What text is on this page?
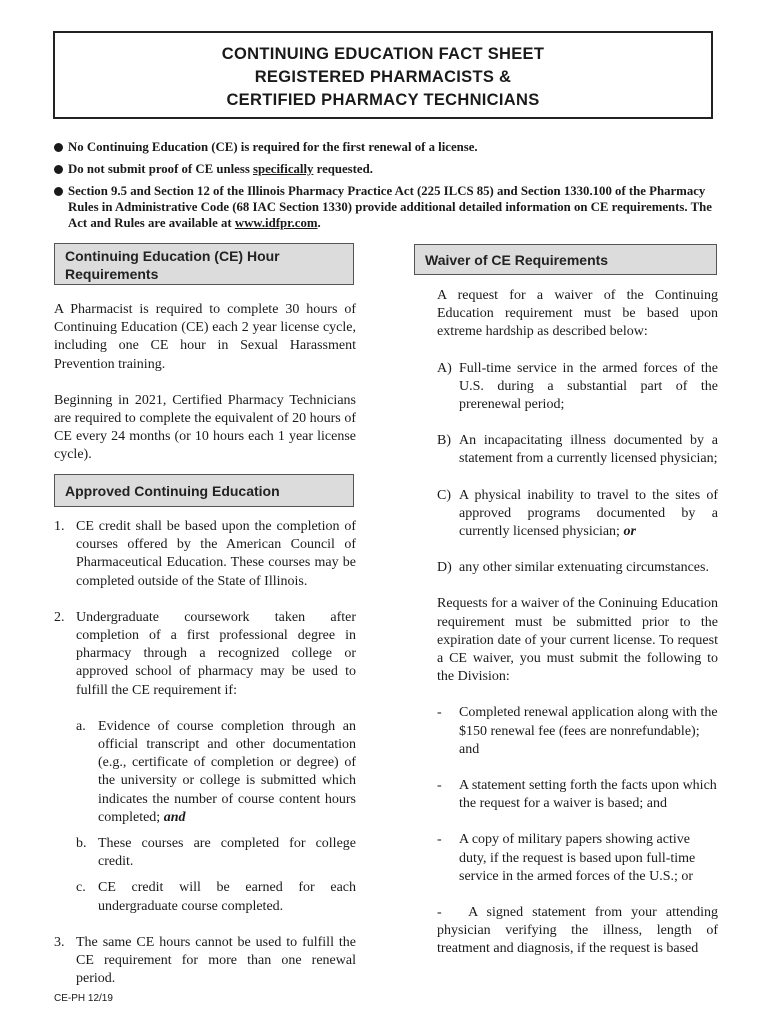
CONTINUING EDUCATION FACT SHEET
REGISTERED PHARMACISTS &
CERTIFIED PHARMACY TECHNICIANS
No Continuing Education (CE) is required for the first renewal of a license.
Do not submit proof of CE unless specifically requested.
Section 9.5 and Section 12 of the Illinois Pharmacy Practice Act (225 ILCS 85) and Section 1330.100 of the Pharmacy Rules in Administrative Code (68 IAC Section 1330) provide additional detailed information on CE requirements. The Act and Rules are available at www.idfpr.com.
Continuing Education (CE) Hour Requirements

A Pharmacist is required to complete 30 hours of Continuing Education (CE) each 2 year license cycle, including one CE hour in Sexual Harassment Prevention training.

Beginning in 2021, Certified Pharmacy Technicians are required to complete the equivalent of 20 hours of CE every 24 months (or 10 hours each 1 year license cycle).

Approved Continuing Education
1. CE credit shall be based upon the completion of courses offered by the American Council of Pharmaceutical Education. These courses may be completed outside of the State of Illinois.
2. Undergraduate coursework taken after completion of a first professional degree in pharmacy through a recognized college or approved school of pharmacy may be used to fulfill the CE requirement if:
a. Evidence of course completion through an official transcript and other documentation (e.g., certificate of completion or degree) of the university or college is submitted which indicates the number of course content hours completed; and
b. These courses are completed for college credit.
c. CE credit will be earned for each undergraduate course completed.
3. The same CE hours cannot be used to fulfill the CE requirement for more than one renewal period.
Waiver of CE Requirements

A request for a waiver of the Continuing Education requirement must be based upon extreme hardship as described below:

A) Full-time service in the armed forces of the U.S. during a substantial part of the prerenewal period;
B) An incapacitating illness documented by a statement from a currently licensed physician;
C) A physical inability to travel to the sites of approved programs documented by a currently licensed physician; or
D) any other similar extenuating circumstances.

Requests for a waiver of the Coninuing Education requirement must be submitted prior to the expiration date of your current license. To request a CE waiver, you must submit the following to the Division:

- Completed renewal application along with the $150 renewal fee (fees are nonrefundable); and
- A statement setting forth the facts upon which the request for a waiver is based; and
- A copy of military papers showing active duty, if the request is based upon full-time service in the armed forces of the U.S.; or

-   A signed statement from your attending physician verifying the illness, length of treatment and diagnosis, if the request is based

CE-PH 12/19
